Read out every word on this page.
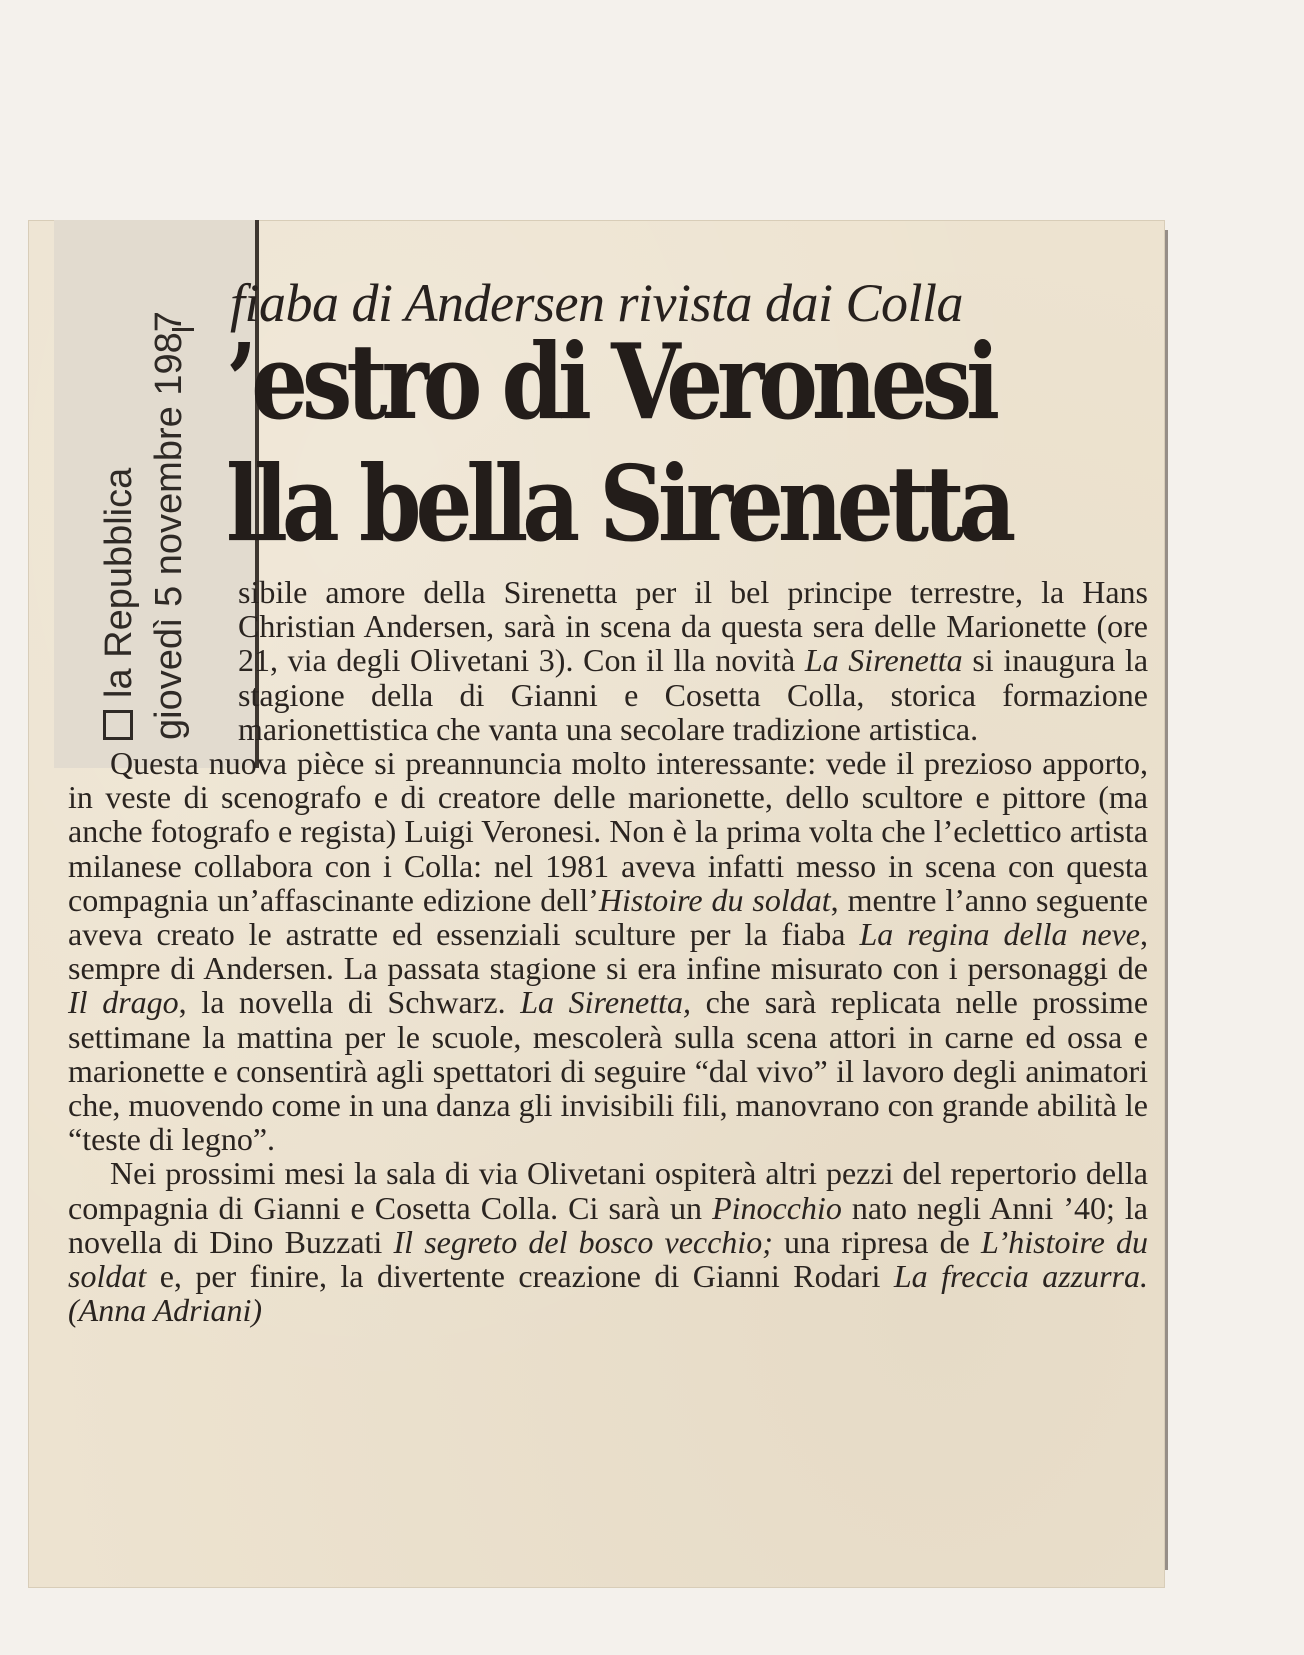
la Repubblica giovedì 5 novembre 1987
fiaba di Andersen rivista dai Colla
’estro di Veronesi
lla bella Sirenetta

sibile amore della Sirenetta per il bel principe terrestre, la Hans Christian Andersen, sarà in scena da questa sera delle Marionette (ore 21, via degli Olivetani 3). Con il lla novità La Sirenetta si inaugura la stagione della di Gianni e Cosetta Colla, storica formazione marionettistica che vanta una secolare tradizione artistica.

Questa nuova pièce si preannuncia molto interessante: vede il prezioso apporto, in veste di scenografo e di creatore delle marionette, dello scultore e pittore (ma anche fotografo e regista) Luigi Veronesi. Non è la prima volta che l’eclettico artista milanese collabora con i Colla: nel 1981 aveva infatti messo in scena con questa compagnia un’affascinante edizione dell’Histoire du soldat, mentre l’anno seguente aveva creato le astratte ed essenziali sculture per la fiaba La regina della neve, sempre di Andersen. La passata stagione si era infine misurato con i personaggi de Il drago, la novella di Schwarz. La Sirenetta, che sarà replicata nelle prossime settimane la mattina per le scuole, mescolerà sulla scena attori in carne ed ossa e marionette e consentirà agli spettatori di seguire “dal vivo” il lavoro degli animatori che, muovendo come in una danza gli invisibili fili, manovrano con grande abilità le “teste di legno”.

Nei prossimi mesi la sala di via Olivetani ospiterà altri pezzi del repertorio della compagnia di Gianni e Cosetta Colla. Ci sarà un Pinocchio nato negli Anni ’40; la novella di Dino Buzzati Il segreto del bosco vecchio; una ripresa de L’histoire du soldat e, per finire, la divertente creazione di Gianni Rodari La freccia azzurra. (Anna Adriani)
